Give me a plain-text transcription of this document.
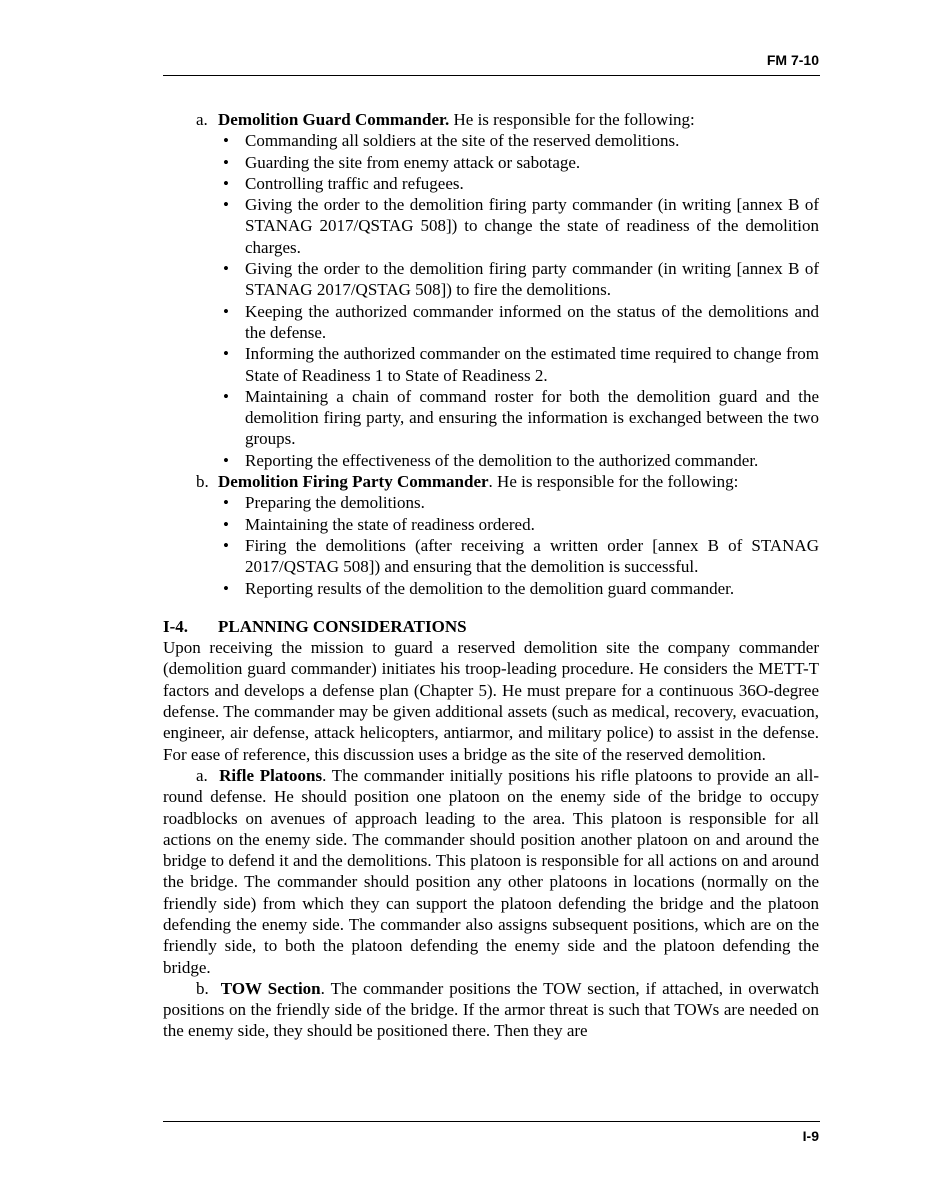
FM 7-10
a. Demolition Guard Commander. He is responsible for the following:
• Commanding all soldiers at the site of the reserved demolitions.
• Guarding the site from enemy attack or sabotage.
• Controlling traffic and refugees.
• Giving the order to the demolition firing party commander (in writing [annex B of STANAG 2017/QSTAG 508]) to change the state of readiness of the demolition charges.
• Giving the order to the demolition firing party commander (in writing [annex B of STANAG 2017/QSTAG 508]) to fire the demolitions.
• Keeping the authorized commander informed on the status of the demolitions and the defense.
• Informing the authorized commander on the estimated time required to change from State of Readiness 1 to State of Readiness 2.
• Maintaining a chain of command roster for both the demolition guard and the demolition firing party, and ensuring the information is exchanged between the two groups.
• Reporting the effectiveness of the demolition to the authorized commander.
b. Demolition Firing Party Commander. He is responsible for the following:
• Preparing the demolitions.
• Maintaining the state of readiness ordered.
• Firing the demolitions (after receiving a written order [annex B of STANAG 2017/QSTAG 508]) and ensuring that the demolition is successful.
• Reporting results of the demolition to the demolition guard commander.
I-4.	PLANNING CONSIDERATIONS

Upon receiving the mission to guard a reserved demolition site the company commander (demolition guard commander) initiates his troop-leading procedure. He considers the METT-T factors and develops a defense plan (Chapter 5). He must prepare for a continuous 36O-degree defense. The commander may be given additional assets (such as medical, recovery, evacuation, engineer, air defense, attack helicopters, antiarmor, and military police) to assist in the defense. For ease of reference, this discussion uses a bridge as the site of the reserved demolition.

a. Rifle Platoons. The commander initially positions his rifle platoons to provide an all-round defense. He should position one platoon on the enemy side of the bridge to occupy roadblocks on avenues of approach leading to the area. This platoon is responsible for all actions on the enemy side. The commander should position another platoon on and around the bridge to defend it and the demolitions. This platoon is responsible for all actions on and around the bridge. The commander should position any other platoons in locations (normally on the friendly side) from which they can support the platoon defending the bridge and the platoon defending the enemy side. The commander also assigns subsequent positions, which are on the friendly side, to both the platoon defending the enemy side and the platoon defending the bridge.

b. TOW Section. The commander positions the TOW section, if attached, in overwatch positions on the friendly side of the bridge. If the armor threat is such that TOWs are needed on the enemy side, they should be positioned there. Then they are

I-9
